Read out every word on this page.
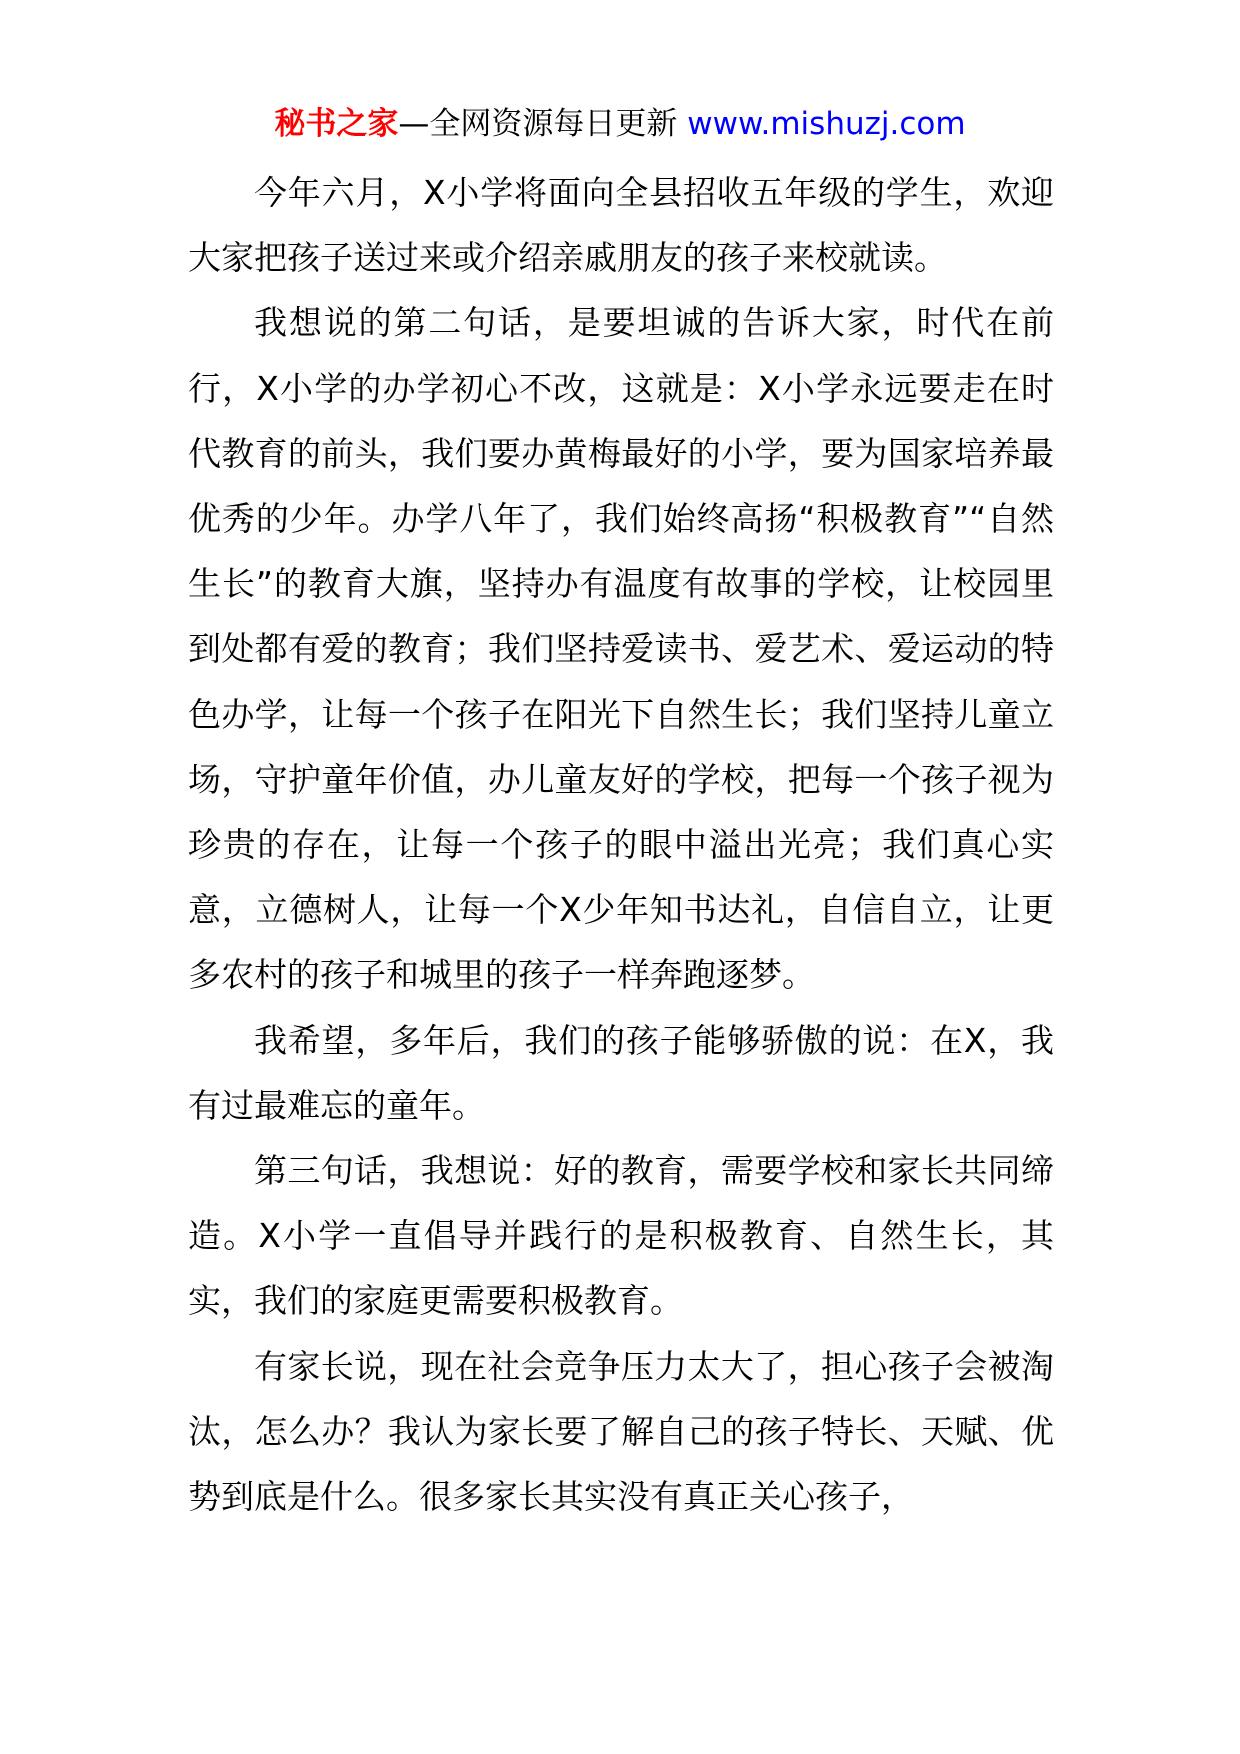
秘书之家—全网资源每日更新 www.mishuzj.com

今年六月，X小学将面向全县招收五年级的学生，欢迎大家把孩子送过来或介绍亲戚朋友的孩子来校就读。

我想说的第二句话，是要坦诚的告诉大家，时代在前行，X小学的办学初心不改，这就是：X小学永远要走在时代教育的前头，我们要办黄梅最好的小学，要为国家培养最优秀的少年。办学八年了，我们始终高扬“积极教育”“自然生长”的教育大旗，坚持办有温度有故事的学校，让校园里到处都有爱的教育；我们坚持爱读书、爱艺术、爱运动的特色办学，让每一个孩子在阳光下自然生长；我们坚持儿童立场，守护童年价值，办儿童友好的学校，把每一个孩子视为珍贵的存在，让每一个孩子的眼中溢出光亮；我们真心实意，立德树人，让每一个X少年知书达礼，自信自立，让更多农村的孩子和城里的孩子一样奔跑逐梦。

我希望，多年后，我们的孩子能够骄傲的说：在X，我有过最难忘的童年。

第三句话，我想说：好的教育，需要学校和家长共同缔造。X小学一直倡导并践行的是积极教育、自然生长，其实，我们的家庭更需要积极教育。

有家长说，现在社会竞争压力太大了，担心孩子会被淘汰，怎么办？我认为家长要了解自己的孩子特长、天赋、优势到底是什么。很多家长其实没有真正关心孩子，
